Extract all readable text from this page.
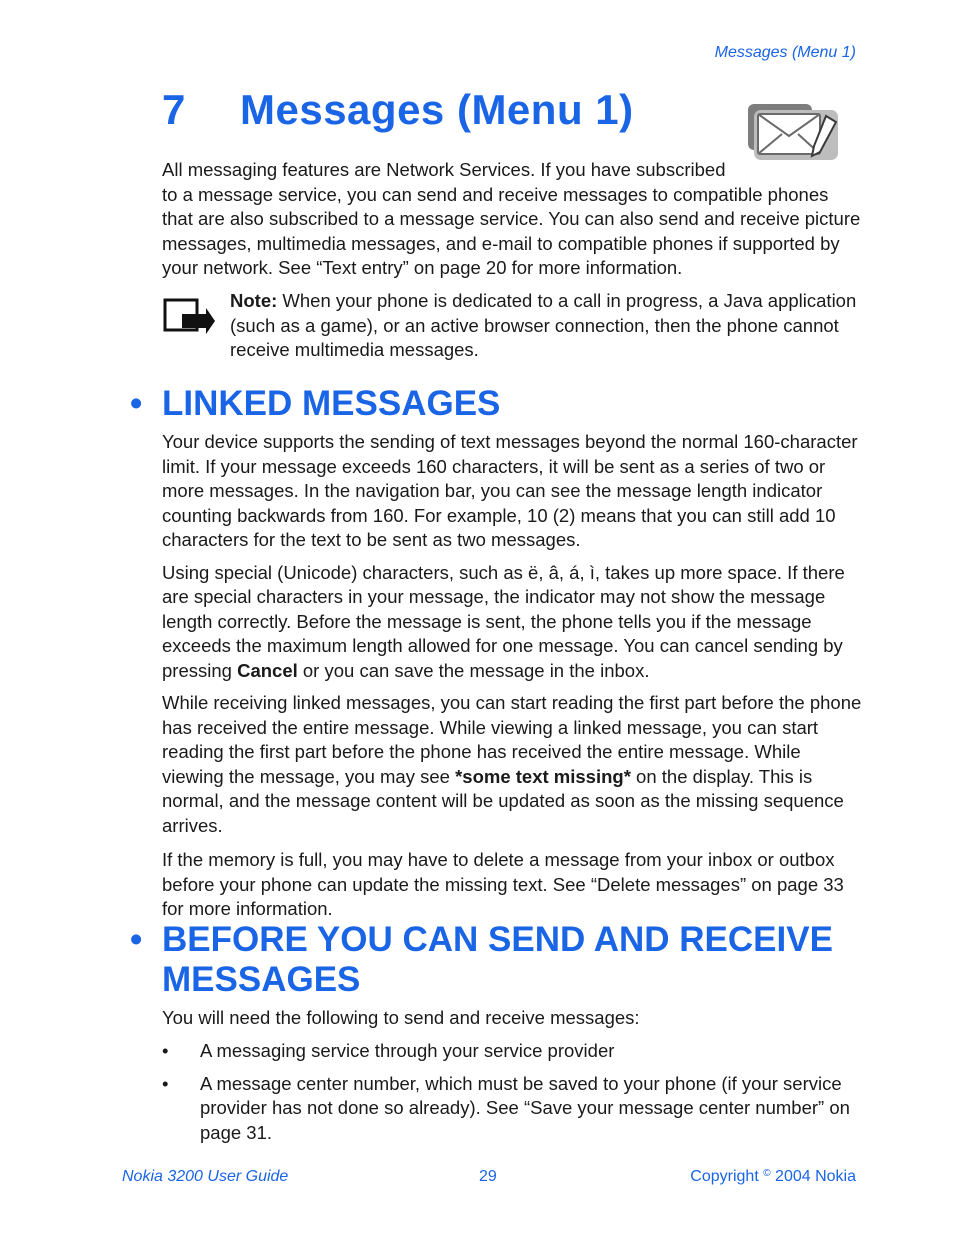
Messages (Menu 1)
7 Messages (Menu 1)

All messaging features are Network Services. If you have subscribed
to a message service, you can send and receive messages to compatible phones that are also subscribed to a message service. You can also send and receive picture messages, multimedia messages, and e-mail to compatible phones if supported by your network. See “Text entry” on page 20 for more information.

Note: When your phone is dedicated to a call in progress, a Java application (such as a game), or an active browser connection, then the phone cannot receive multimedia messages.
• LINKED MESSAGES

Your device supports the sending of text messages beyond the normal 160-character limit. If your message exceeds 160 characters, it will be sent as a series of two or more messages. In the navigation bar, you can see the message length indicator counting backwards from 160. For example, 10 (2) means that you can still add 10 characters for the text to be sent as two messages.

Using special (Unicode) characters, such as ë, â, á, ì, takes up more space. If there are special characters in your message, the indicator may not show the message length correctly. Before the message is sent, the phone tells you if the message exceeds the maximum length allowed for one message. You can cancel sending by pressing Cancel or you can save the message in the inbox.

While receiving linked messages, you can start reading the first part before the phone has received the entire message. While viewing a linked message, you can start reading the first part before the phone has received the entire message. While viewing the message, you may see *some text missing* on the display. This is normal, and the message content will be updated as soon as the missing sequence arrives.

If the memory is full, you may have to delete a message from your inbox or outbox before your phone can update the missing text. See “Delete messages” on page 33 for more information.

• BEFORE YOU CAN SEND AND RECEIVE
MESSAGES
You will need the following to send and receive messages:
• A messaging service through your service provider
• A message center number, which must be saved to your phone (if your service provider has not done so already). See “Save your message center number” on page 31.
Nokia 3200 User Guide	29	Copyright © 2004 Nokia
